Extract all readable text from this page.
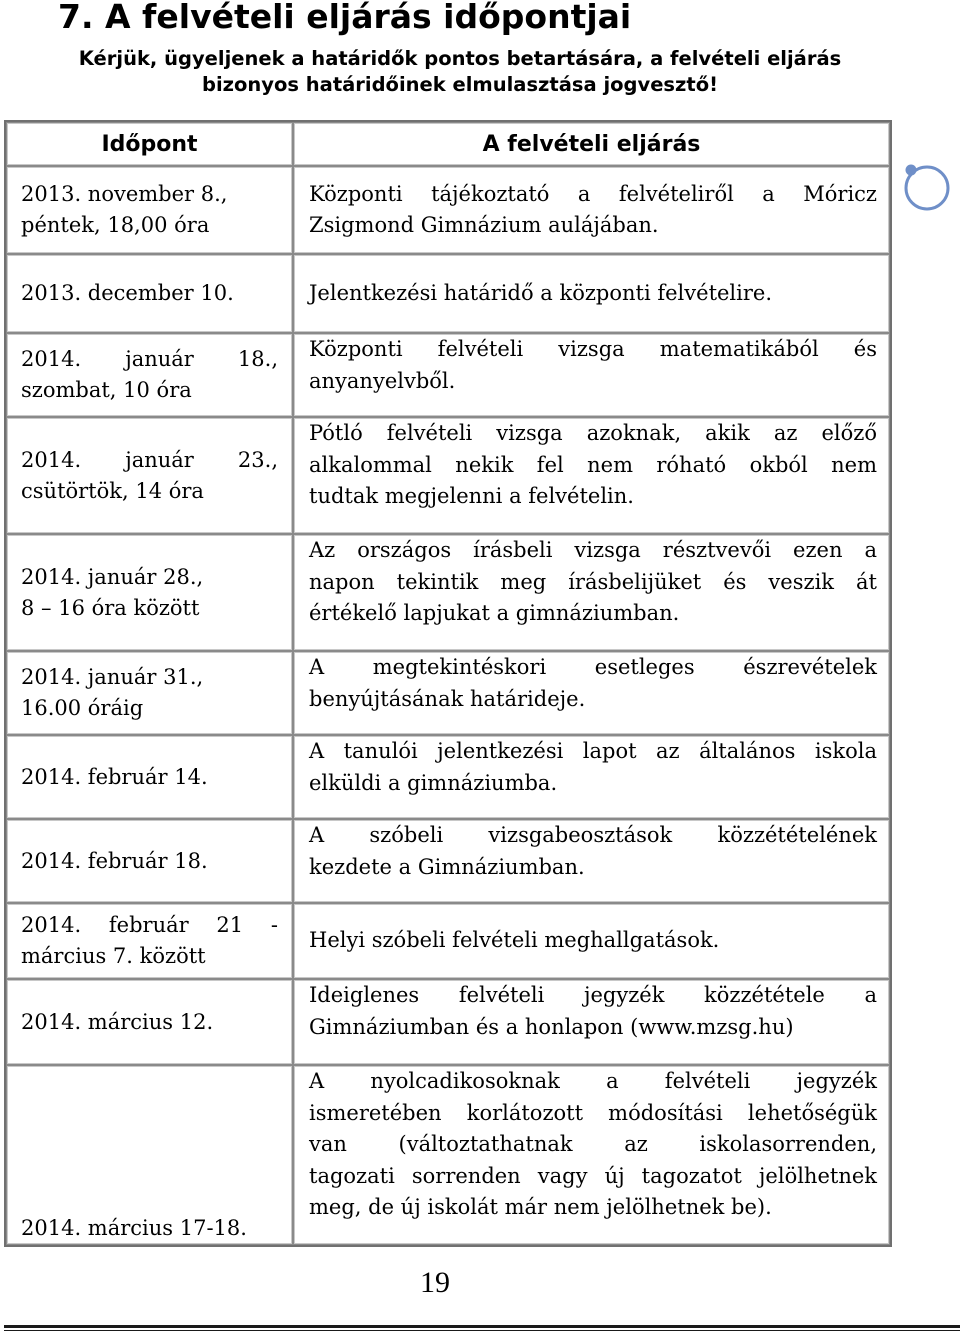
7. A felvételi eljárás időpontjai
Kérjük, ügyeljenek a határidők pontos betartására, a felvételi eljárás
bizonyos határidőinek elmulasztása jogvesztő!
Időpont	A felvételi eljárás

2013. november 8.,
péntek, 18,00 óra	Központi tájékoztató a felvételiről a Móricz
Zsigmond Gimnázium aulájában.

2013. december 10.	Jelentkezési határidő a központi felvételire.

2014. január 18.,
szombat, 10 óra	Központi felvételi vizsga matematikából és
anyanyelvből.

2014. január 23.,
csütörtök, 14 óra	Pótló felvételi vizsga azoknak, akik az előző
alkalommal nekik fel nem róható okból nem
tudtak megjelenni a felvételin.

2014. január 28.,
8 – 16 óra között	Az országos írásbeli vizsga résztvevői ezen a
napon tekintik meg írásbelijüket és veszik át
értékelő lapjukat a gimnáziumban.

2014. január 31.,
16.00 óráig	A megtekintéskori esetleges észrevételek
benyújtásának határideje.

2014. február 14.	A tanulói jelentkezési lapot az általános iskola
elküldi a gimnáziumba.

2014. február 18.	A szóbeli vizsgabeosztások közzétételének
kezdete a Gimnáziumban.

2014. február 21 -
március 7. között	Helyi szóbeli felvételi meghallgatások.

2014. március 12.	Ideiglenes felvételi jegyzék közzététele a
Gimnáziumban és a honlapon (www.mzsg.hu)

2014. március 17-18.	A nyolcadikosoknak a felvételi jegyzék
ismeretében korlátozott módosítási lehetőségük
van (változtathatnak az iskolasorrenden,
tagozati sorrenden vagy új tagozatot jelölhetnek
meg, de új iskolát már nem jelölhetnek be).
19
